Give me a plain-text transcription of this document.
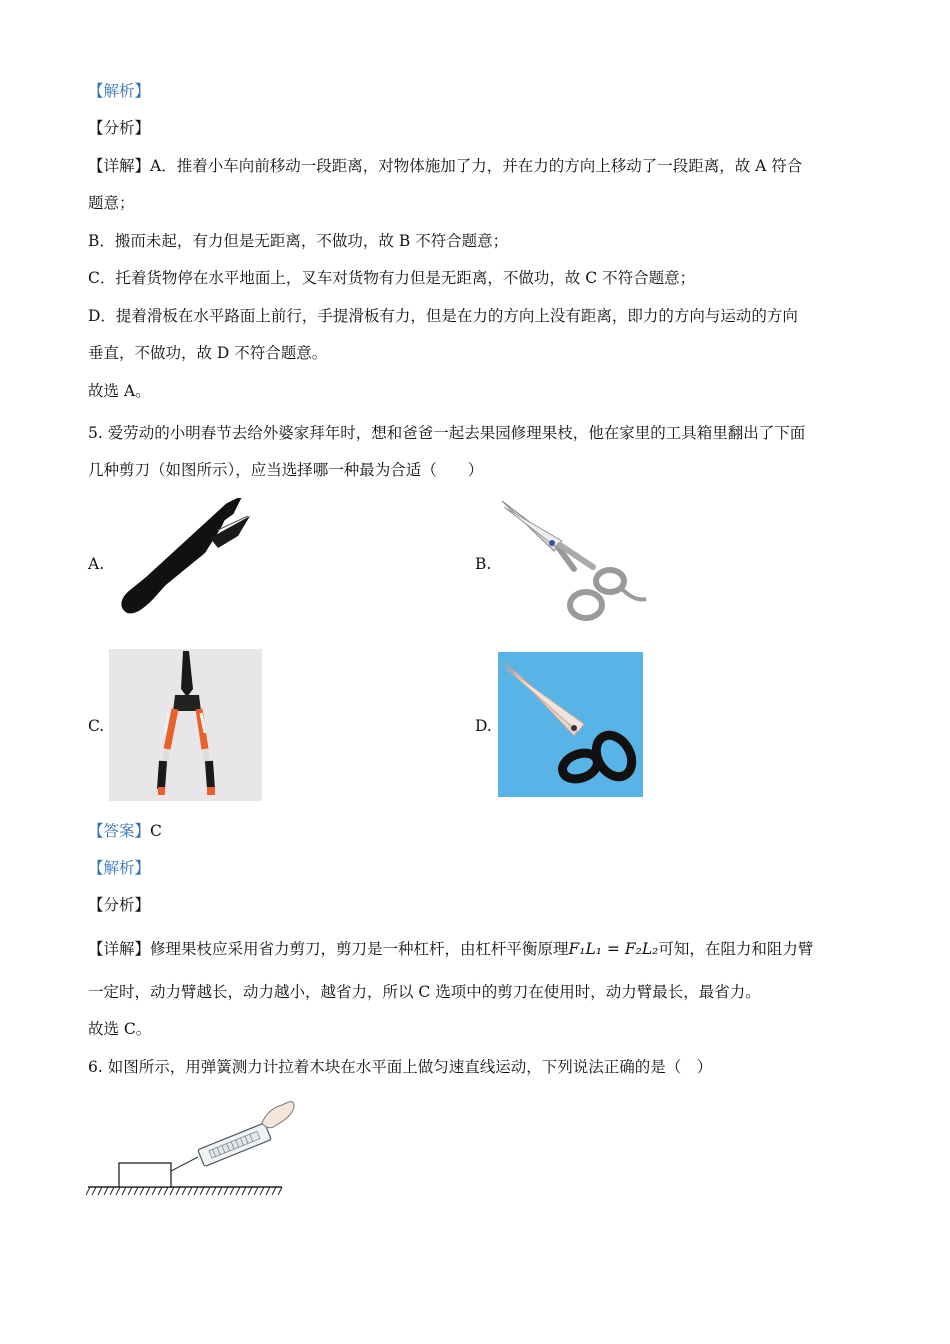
【解析】
【分析】
【详解】A．推着小车向前移动一段距离，对物体施加了力，并在力的方向上移动了一段距离，故 A 符合
题意；
B．搬而未起，有力但是无距离，不做功，故 B 不符合题意；
C．托着货物停在水平地面上，叉车对货物有力但是无距离，不做功，故 C 不符合题意；
D．提着滑板在水平路面上前行，手提滑板有力，但是在力的方向上没有距离，即力的方向与运动的方向
垂直，不做功，故 D 不符合题意。
故选 A。
5. 爱劳动的小明春节去给外婆家拜年时，想和爸爸一起去果园修理果枝，他在家里的工具箱里翻出了下面
几种剪刀（如图所示），应当选择哪一种最为合适（　　）
A.	B.
C.	D.
【答案】C
【解析】
【分析】
【详解】修理果枝应采用省力剪刀，剪刀是一种杠杆，由杠杆平衡原理F₁L₁ = F₂L₂可知，在阻力和阻力臂
一定时，动力臂越长，动力越小，越省力，所以 C 选项中的剪刀在使用时，动力臂最长，最省力。
故选 C。
6. 如图所示，用弹簧测力计拉着木块在水平面上做匀速直线运动，下列说法正确的是（　）
